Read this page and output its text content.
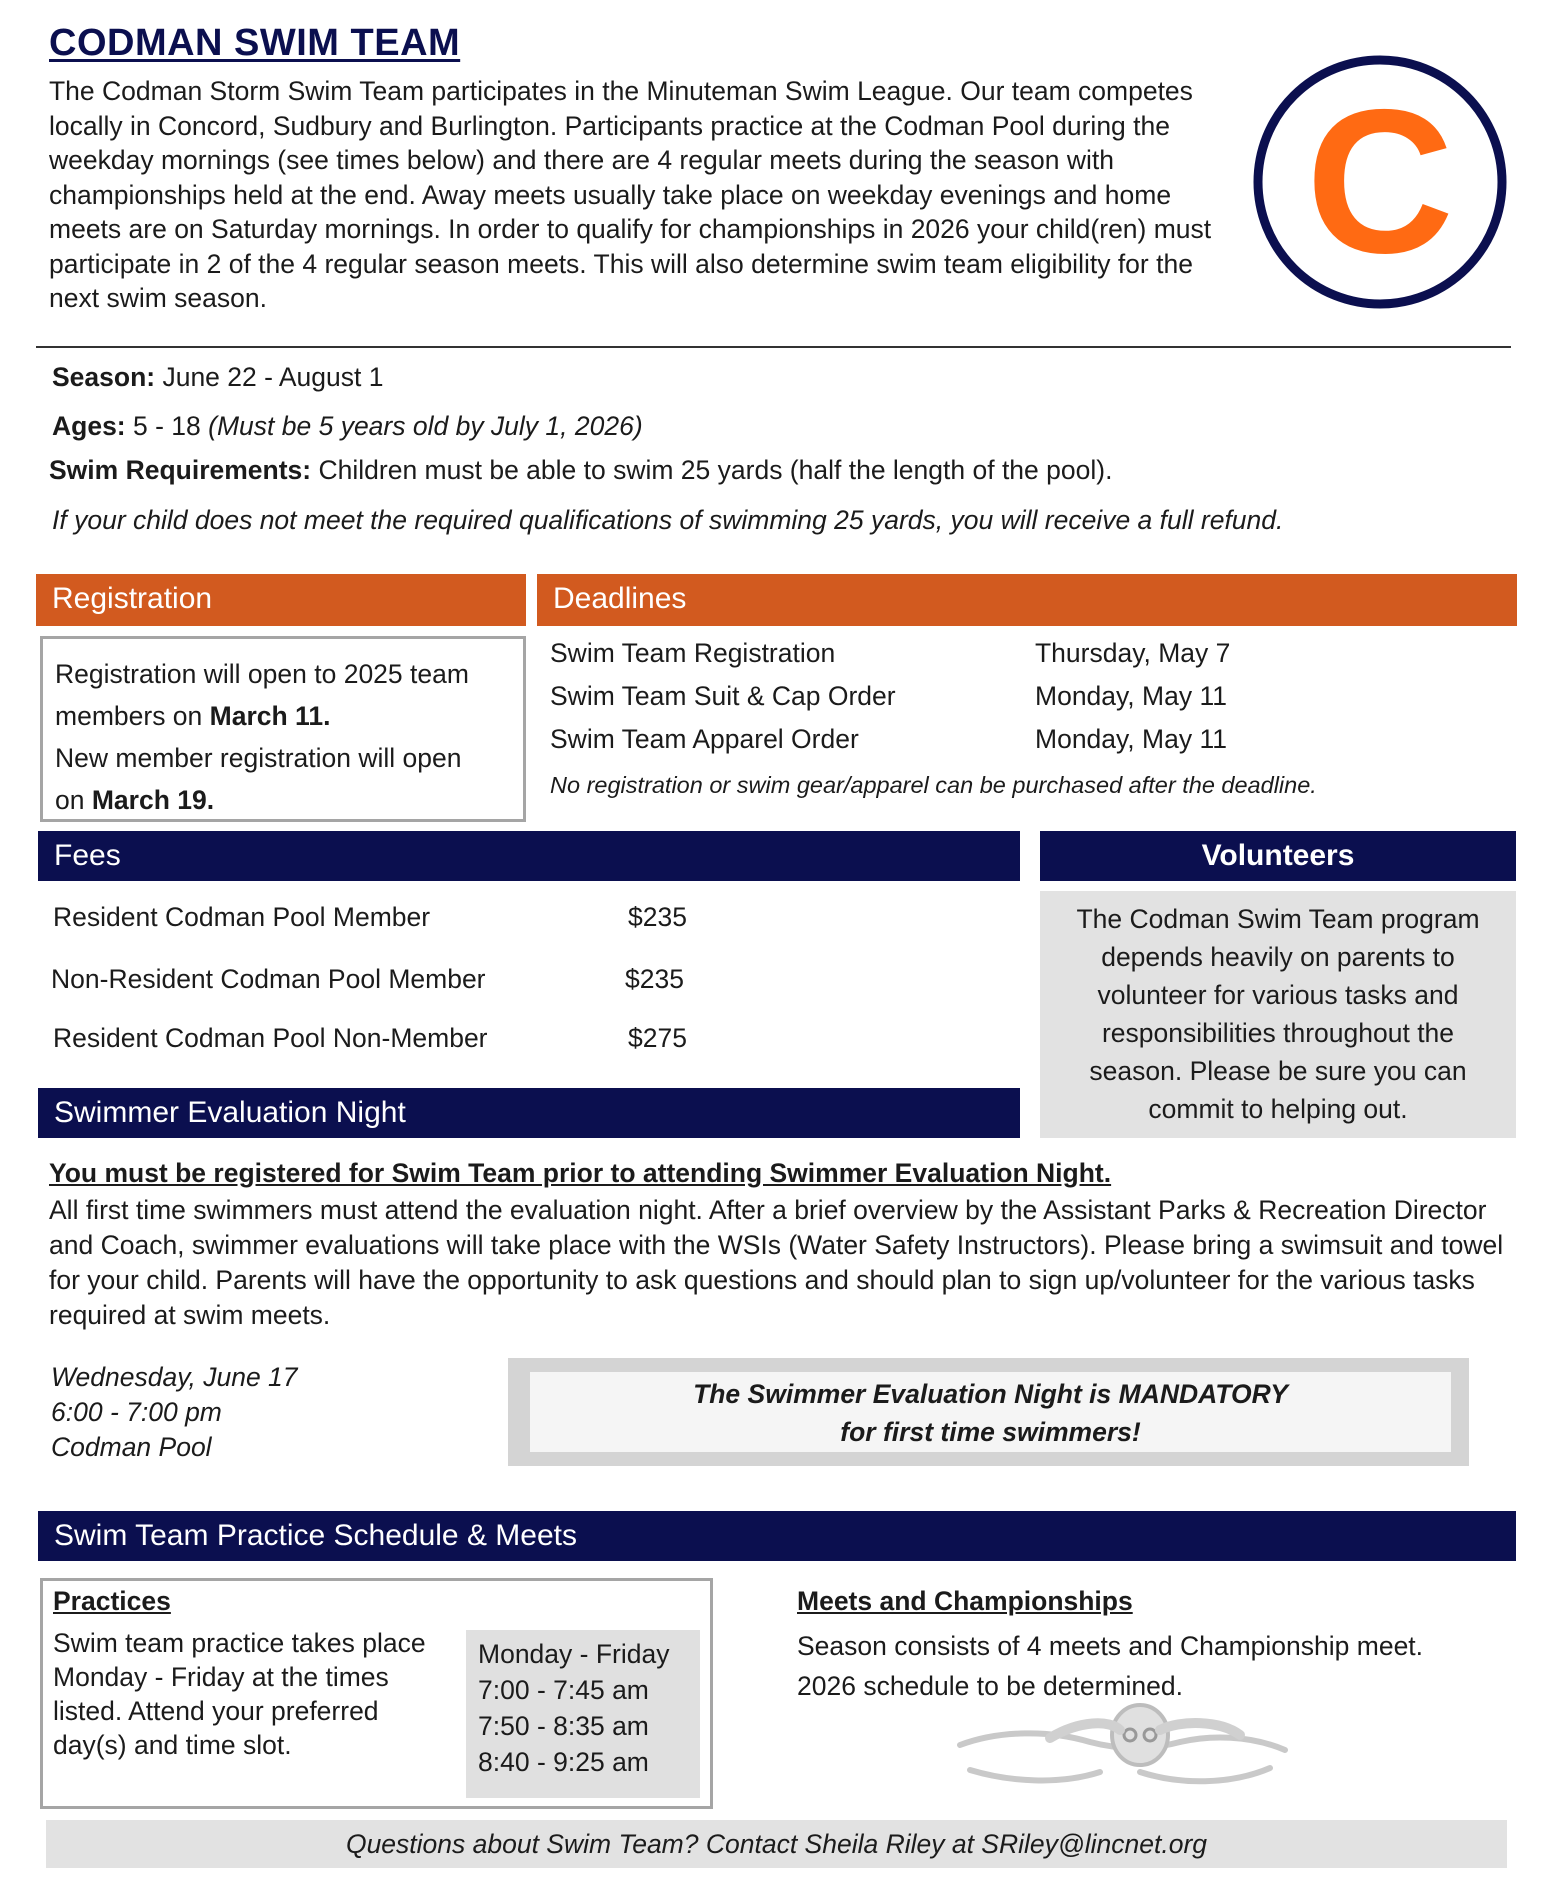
CODMAN SWIM TEAM
The Codman Storm Swim Team participates in the Minuteman Swim League. Our team competes locally in Concord, Sudbury and Burlington. Participants practice at the Codman Pool during the weekday mornings (see times below) and there are 4 regular meets during the season with championships held at the end. Away meets usually take place on weekday evenings and home meets are on Saturday mornings. In order to qualify for championships in 2026 your child(ren) must participate in 2 of the 4 regular season meets. This will also determine swim team eligibility for the next swim season.
C
Season: June 22 - August 1
Ages: 5 - 18 (Must be 5 years old by July 1, 2026)
Swim Requirements: Children must be able to swim 25 yards (half the length of the pool).
If your child does not meet the required qualifications of swimming 25 yards, you will receive a full refund.
Registration	Deadlines
Registration will open to 2025 team
members on March 11.
New member registration will open
on March 19.
Swim Team Registration	Thursday, May 7
Swim Team Suit & Cap Order	Monday, May 11
Swim Team Apparel Order	Monday, May 11
No registration or swim gear/apparel can be purchased after the deadline.
Fees	Volunteers
Resident Codman Pool Member	$235
Non-Resident Codman Pool Member	$235
Resident Codman Pool Non-Member	$275
The Codman Swim Team program
depends heavily on parents to
volunteer for various tasks and
responsibilities throughout the
season. Please be sure you can
commit to helping out.
Swimmer Evaluation Night
You must be registered for Swim Team prior to attending Swimmer Evaluation Night.
All first time swimmers must attend the evaluation night. After a brief overview by the Assistant Parks & Recreation Director and Coach, swimmer evaluations will take place with the WSIs (Water Safety Instructors). Please bring a swimsuit and towel for your child. Parents will have the opportunity to ask questions and should plan to sign up/volunteer for the various tasks required at swim meets.
Wednesday, June 17
6:00 - 7:00 pm
Codman Pool
The Swimmer Evaluation Night is MANDATORY
for first time swimmers!
Swim Team Practice Schedule & Meets
Practices
Swim team practice takes place Monday - Friday at the times listed. Attend your preferred day(s) and time slot.
Monday - Friday
7:00 - 7:45 am
7:50 - 8:35 am
8:40 - 9:25 am
Meets and Championships
Season consists of 4 meets and Championship meet.
2026 schedule to be determined.
Questions about Swim Team? Contact Sheila Riley at SRiley@lincnet.org
